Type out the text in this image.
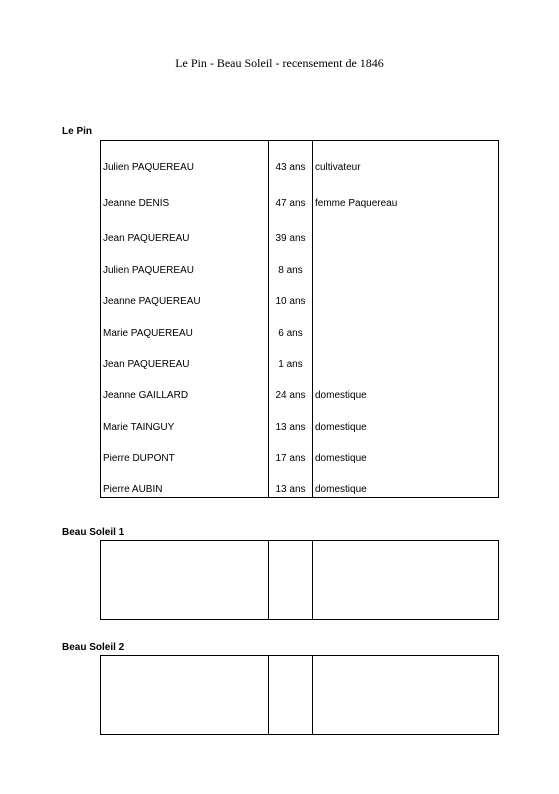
Le Pin - Beau Soleil - recensement de 1846
Le Pin
Julien PAQUEREAU	43 ans cultivateur
Jeanne DENIS	47 ans femme Paquereau
Jean PAQUEREAU	39 ans
Julien PAQUEREAU	8 ans
Jeanne PAQUEREAU	10 ans
Marie PAQUEREAU	6 ans
Jean PAQUEREAU	1 ans
Jeanne GAILLARD	24 ans domestique
Marie TAINGUY	13 ans domestique
Pierre DUPONT	17 ans domestique
Pierre AUBIN	13 ans domestique
Beau Soleil 1
Beau Soleil 2
